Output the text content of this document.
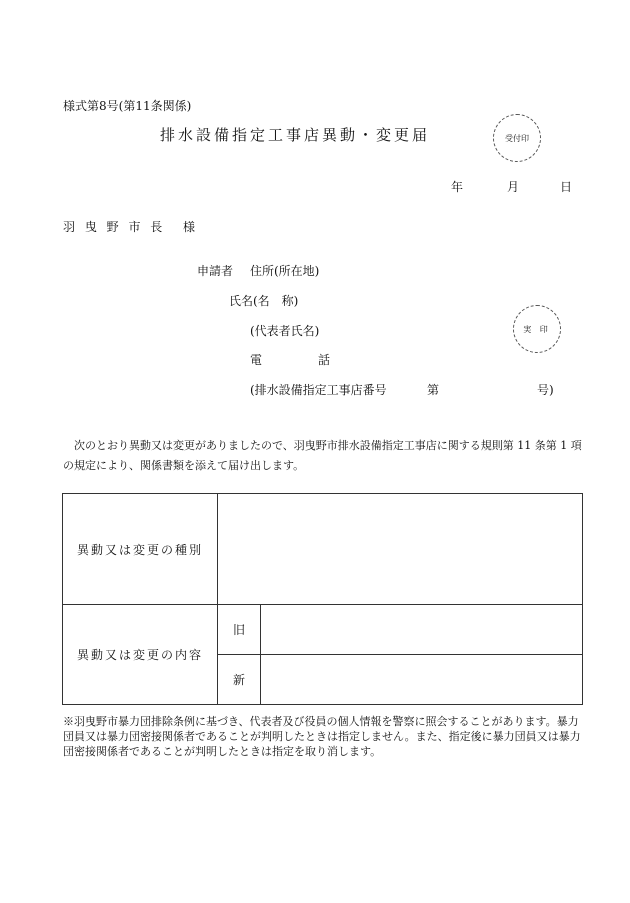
様式第8号(第11条関係)
排水設備指定工事店異動・変更届	受付印
年	月	日
羽 曳 野 市 長 様
申請者 住所(所在地)
氏名(名　称)
(代表者氏名)	実 印
電	話
(排水設備指定工事店番号	第	号)
次のとおり異動又は変更がありましたので、羽曳野市排水設備指定工事店に関する規則第 11 条第 1 項の規定により、関係書類を添えて届け出します。
異動又は変更の種別		
異動又は変更の内容	旧	
	新	
※羽曳野市暴力団排除条例に基づき、代表者及び役員の個人情報を警察に照会することがあります。暴力団員又は暴力団密接関係者であることが判明したときは指定しません。また、指定後に暴力団員又は暴力団密接関係者であることが判明したときは指定を取り消します。
